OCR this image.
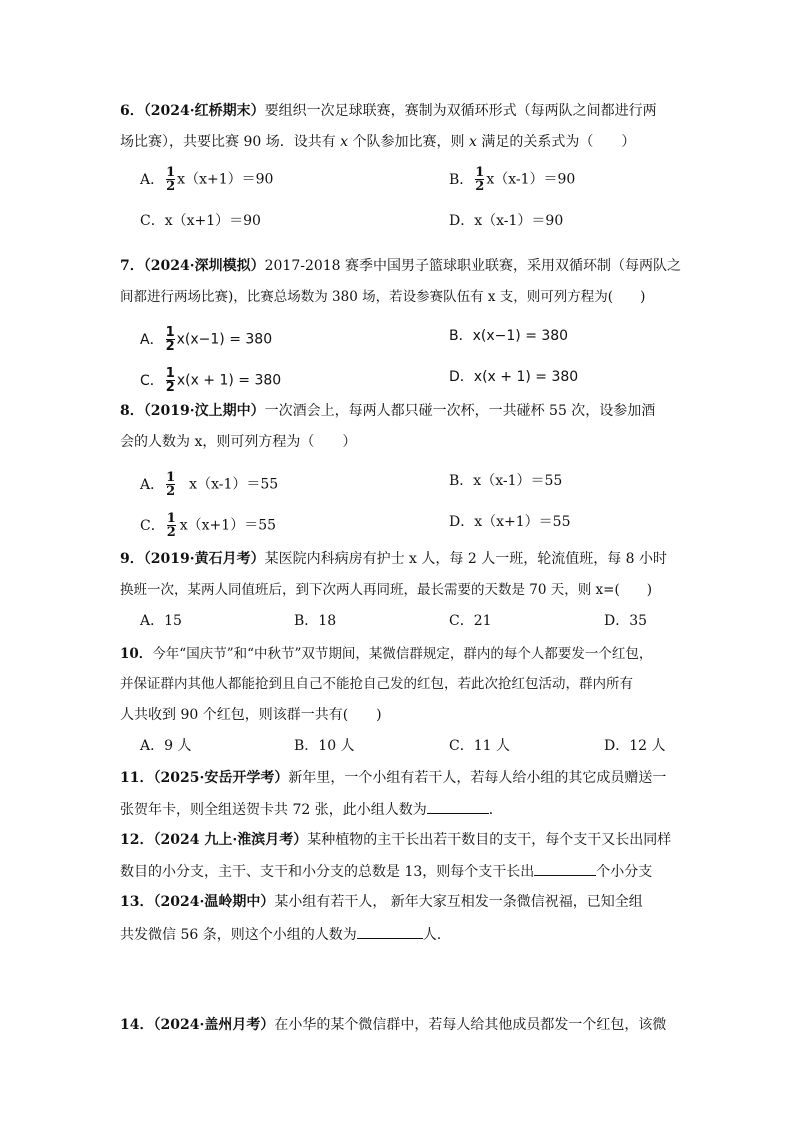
6．（2024·红桥期末）要组织一次足球联赛，赛制为双循环形式（每两队之间都进行两
场比赛），共要比赛 90 场．设共有 x 个队参加比赛，则 x 满足的关系式为（　　）
A． $\frac{1}{2} x(x+1)=90$	B． $\frac{1}{2} x(x-1)=90$
C．x（x+1）＝90	D．x（x-1）＝90
7．（2024·深圳模拟）2017-2018 赛季中国男子篮球职业联赛，采用双循环制（每两队之
间都进行两场比赛)，比赛总场数为 380 场，若设参赛队伍有 x 支，则可列方程为(　　)
A． $\frac{1}{2} x(x-1) = 380$	B．x(x−1) = 380
C． $\frac{1}{2} x(x + 1) = 380$	D．x(x + 1) = 380
8．（2019·汶上期中）一次酒会上，每两人都只碰一次杯，一共碰杯 55 次，设参加酒
会的人数为 x，则可列方程为（　　）
A． $\frac{1}{2} x(x-1)=55$	B．x（x-1）＝55
C． $\frac{1}{2} x(x+1)=55$	D．x（x+1）＝55
9．（2019·黄石月考）某医院内科病房有护士 x 人，每 2 人一班，轮流值班，每 8 小时
换班一次，某两人同值班后，到下次两人再同班，最长需要的天数是 70 天，则 x=(　　)
A．15	B．18	C．21	D．35
10．今年“国庆节”和“中秋节”双节期间，某微信群规定，群内的每个人都要发一个红包，
并保证群内其他人都能抢到且自己不能抢自己发的红包，若此次抢红包活动，群内所有
人共收到 90 个红包，则该群一共有(　　)
A．9 人	B．10 人	C．11 人	D．12 人
11．（2025·安岳开学考）新年里，一个小组有若干人，若每人给小组的其它成员赠送一
张贺年卡，则全组送贺卡共 72 张，此小组人数为	．
12．（2024 九上·淮滨月考）某种植物的主干长出若干数目的支干，每个支干又长出同样
数目的小分支，主干、支干和小分支的总数是 13，则每个支干长出	个小分支
13．（2024·温岭期中）某小组有若干人， 新年大家互相发一条微信祝福，已知全组
共发微信 56 条，则这个小组的人数为	人.
14．（2024·盖州月考）在小华的某个微信群中，若每人给其他成员都发一个红包，该微
